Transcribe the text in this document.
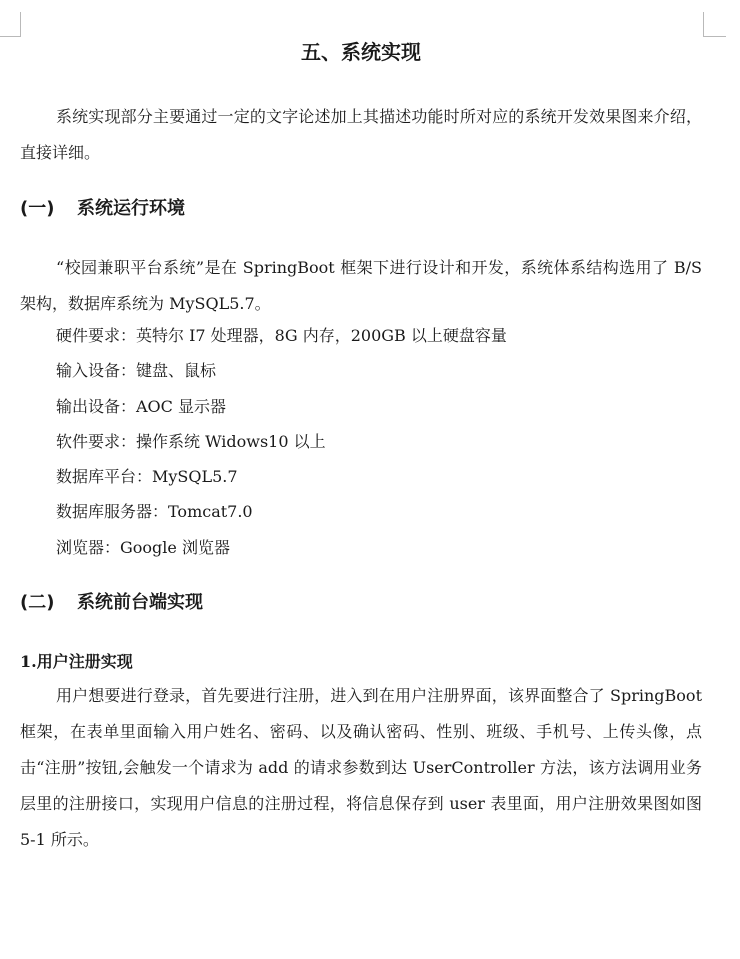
五、系统实现

系统实现部分主要通过一定的文字论述加上其描述功能时所对应的系统开发效果图来介绍，直接详细。

(一) 系统运行环境

“校园兼职平台系统”是在 SpringBoot 框架下进行设计和开发，系统体系结构选用了 B/S 架构，数据库系统为 MySQL5.7。

硬件要求：英特尔 I7 处理器，8G 内存，200GB 以上硬盘容量
输入设备：键盘、鼠标
输出设备：AOC 显示器
软件要求：操作系统 Widows10 以上
数据库平台：MySQL5.7
数据库服务器：Tomcat7.0
浏览器：Google 浏览器
(二) 系统前台端实现
1.用户注册实现

用户想要进行登录，首先要进行注册，进入到在用户注册界面，该界面整合了 SpringBoot 框架，在表单里面输入用户姓名、密码、以及确认密码、性别、班级、手机号、上传头像，点击“注册”按钮,会触发一个请求为 add 的请求参数到达 UserController 方法，该方法调用业务层里的注册接口，实现用户信息的注册过程，将信息保存到 user 表里面，用户注册效果图如图 5-1 所示。
